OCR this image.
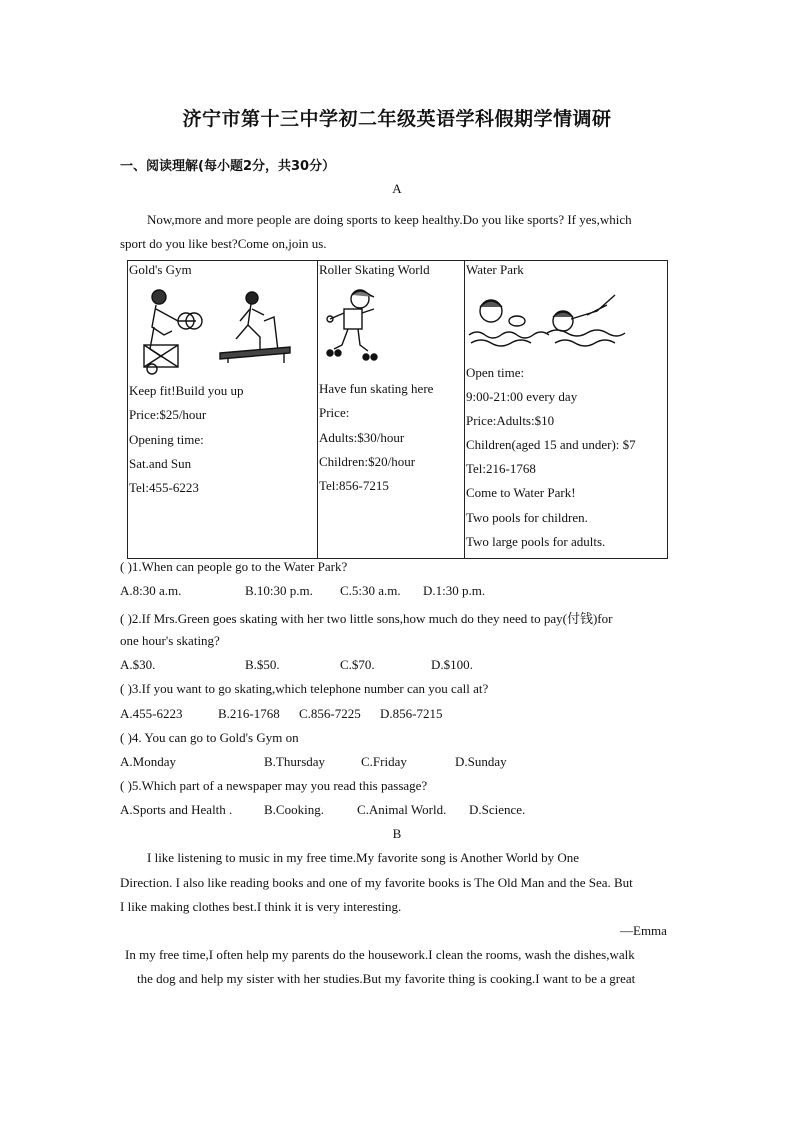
济宁市第十三中学初二年级英语学科假期学情调研
一、阅读理解(每小题2分，共30分）
A
Now,more and more people are doing sports to keep healthy.Do you like sports? If yes,which
sport do you like best?Come on,join us.
Gold's Gym
Keep fit!Build you up
Price:$25/hour
Opening time:
Sat.and Sun
Tel:455-6223

Roller Skating World
Have fun skating here
Price:
Adults:$30/hour
Children:$20/hour
Tel:856-7215

Water Park
Open time:
9:00-21:00 every day
Price:Adults:$10
Children(aged 15 and under): $7
Tel:216-1768
Come to Water Park!
Two pools for children.
Two large pools for adults.
( )1.When can people go to the Water Park?
A.8:30 a.m.	B.10:30 p.m. C.5:30 a.m. D.1:30 p.m.
( )2.If Mrs.Green goes skating with her two little sons,how much do they need to pay(付钱)for
one hour's skating?
A.$30.	B.$50.	C.$70.	D.$100.
( )3.If you want to go skating,which telephone number can you call at?
A.455-6223	B.216-1768 C.856-7225 D.856-7215
( )4. You can go to Gold's Gym on
A.Monday	B.Thursday	C.Friday	D.Sunday
( )5.Which part of a newspaper may you read this passage?
A.Sports and Health . B.Cooking.	C.Animal World. D.Science.
B
I like listening to music in my free time.My favorite song is Another World by One
Direction. I also like reading books and one of my favorite books is The Old Man and the Sea. But
I like making clothes best.I think it is very interesting.
—Emma
In my free time,I often help my parents do the housework.I clean the rooms, wash the dishes,walk
the dog and help my sister with her studies.But my favorite thing is cooking.I want to be a great
